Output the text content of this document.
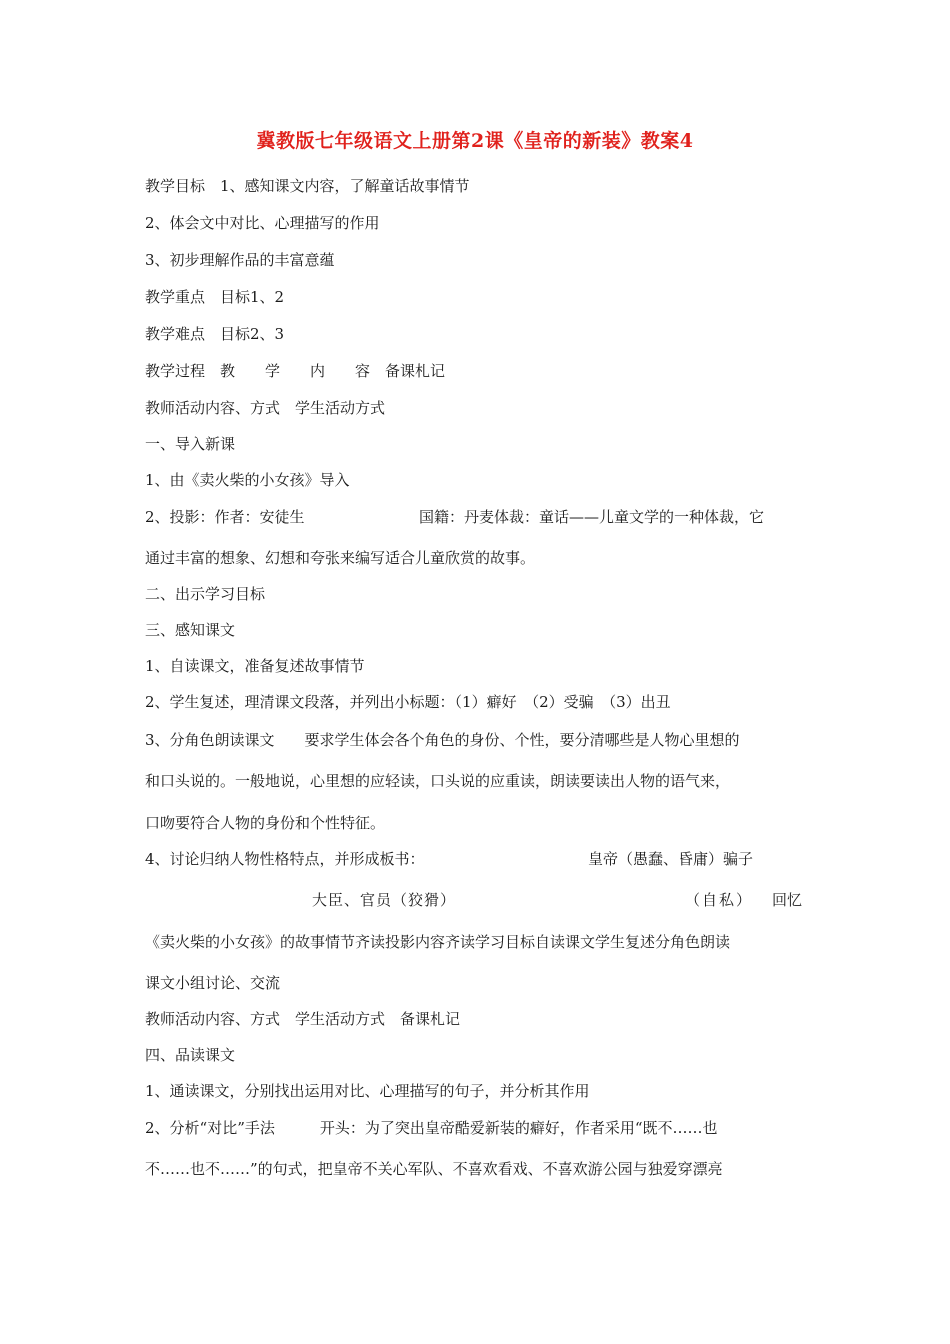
冀教版七年级语文上册第2课《皇帝的新装》教案4
教学目标　1、感知课文内容，了解童话故事情节
2、体会文中对比、心理描写的作用
3、初步理解作品的丰富意蕴
教学重点　目标1、2
教学难点　目标2、3
教学过程　教　　学　　内　　容　备课札记
教师活动内容、方式　学生活动方式
一、导入新课
1、由《卖火柴的小女孩》导入
2、投影：作者：安徒生	国籍：丹麦体裁：童话——儿童文学的一种体裁，它
通过丰富的想象、幻想和夸张来编写适合儿童欣赏的故事。
二、出示学习目标
三、感知课文
1、自读课文，准备复述故事情节
2、学生复述，理清课文段落，并列出小标题：（1）癖好　（2）受骗　（3）出丑
3、分角色朗读课文　　要求学生体会各个角色的身份、个性，要分清哪些是人物心里想的
和口头说的。一般地说，心里想的应轻读，口头说的应重读，朗读要读出人物的语气来，
口吻要符合人物的身份和个性特征。
4、讨论归纳人物性格特点，并形成板书：	皇帝（愚蠢、昏庸）骗子
大臣、官员（狡猾）	（自私） 回忆
《卖火柴的小女孩》的故事情节齐读投影内容齐读学习目标自读课文学生复述分角色朗读
课文小组讨论、交流
教师活动内容、方式　学生活动方式　备课札记
四、品读课文
1、通读课文，分别找出运用对比、心理描写的句子，并分析其作用
2、分析“对比”手法　　　开头：为了突出皇帝酷爱新装的癖好，作者采用“既不……也
不……也不……”的句式，把皇帝不关心军队、不喜欢看戏、不喜欢游公园与独爱穿漂亮
